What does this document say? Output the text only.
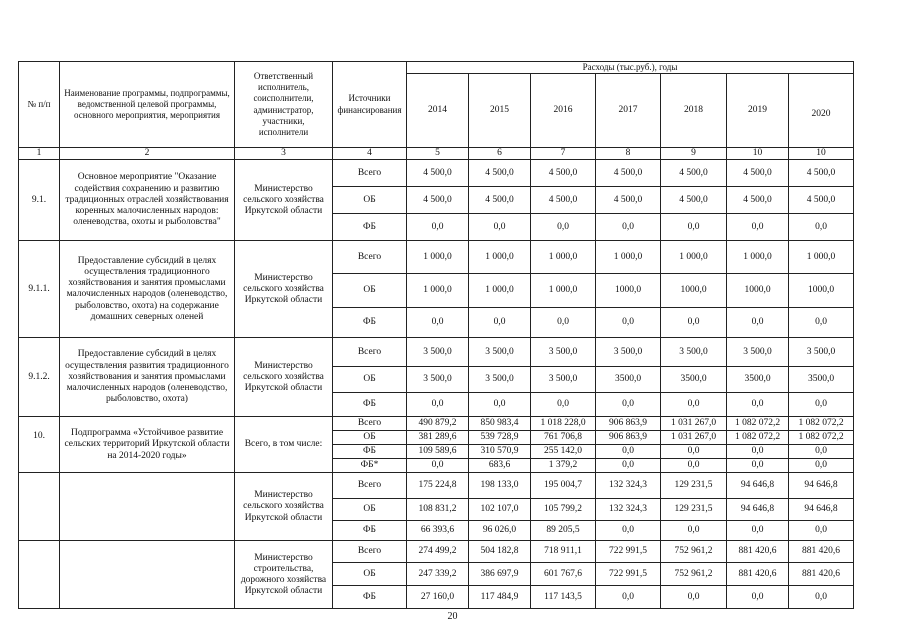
№ п/п	Наименование программы, подпрограммы, ведомственной целевой программы, основного мероприятия, мероприятия	Ответственный исполнитель, соисполнители, администратор, участники, исполнители	Источники финансирования	Расходы (тыс.руб.), годы						
				2014	2015	2016	2017	2018	2019	2020
1	2	3	4	5	6	7	8	9	10	10
9.1.	Основное мероприятие "Оказание содействия сохранению и развитию традиционных отраслей хозяйствования коренных малочисленных народов: оленеводства, охоты и рыболовства"	Министерство сельского хозяйства Иркутской области	Всего	4 500,0	4 500,0	4 500,0	4 500,0	4 500,0	4 500,0	4 500,0
			ОБ	4 500,0	4 500,0	4 500,0	4 500,0	4 500,0	4 500,0	4 500,0
			ФБ	0,0	0,0	0,0	0,0	0,0	0,0	0,0
9.1.1.	Предоставление субсидий в целях осуществления традиционного хозяйствования и занятия промыслами малочисленных народов (оленеводство, рыболовство, охота) на содержание домашних северных оленей	Министерство сельского хозяйства Иркутской области	Всего	1 000,0	1 000,0	1 000,0	1 000,0	1 000,0	1 000,0	1 000,0
			ОБ	1 000,0	1 000,0	1 000,0	1000,0	1000,0	1000,0	1000,0
			ФБ	0,0	0,0	0,0	0,0	0,0	0,0	0,0
9.1.2.	Предоставление субсидий в целях осуществления развития традиционного хозяйствования и занятия промыслами малочисленных народов (оленеводство, рыболовство, охота)	Министерство сельского хозяйства Иркутской области	Всего	3 500,0	3 500,0	3 500,0	3 500,0	3 500,0	3 500,0	3 500,0
			ОБ	3 500,0	3 500,0	3 500,0	3500,0	3500,0	3500,0	3500,0
			ФБ	0,0	0,0	0,0	0,0	0,0	0,0	0,0
10.	Подпрограмма «Устойчивое развитие сельских территорий Иркутской области на 2014-2020 годы»	Всего, в том числе:	Всего	490 879,2	850 983,4	1 018 228,0	906 863,9	1 031 267,0	1 082 072,2	1 082 072,2
			ОБ	381 289,6	539 728,9	761 706,8	906 863,9	1 031 267,0	1 082 072,2	1 082 072,2
			ФБ	109 589,6	310 570,9	255 142,0	0,0	0,0	0,0	0,0
			ФБ*	0,0	683,6	1 379,2	0,0	0,0	0,0	0,0
		Министерство сельского хозяйства Иркутской области	Всего	175 224,8	198 133,0	195 004,7	132 324,3	129 231,5	94 646,8	94 646,8
			ОБ	108 831,2	102 107,0	105 799,2	132 324,3	129 231,5	94 646,8	94 646,8
			ФБ	66 393,6	96 026,0	89 205,5	0,0	0,0	0,0	0,0
		Министерство строительства, дорожного хозяйства Иркутской области	Всего	274 499,2	504 182,8	718 911,1	722 991,5	752 961,2	881 420,6	881 420,6
			ОБ	247 339,2	386 697,9	601 767,6	722 991,5	752 961,2	881 420,6	881 420,6
			ФБ	27 160,0	117 484,9	117 143,5	0,0	0,0	0,0	0,0
20
